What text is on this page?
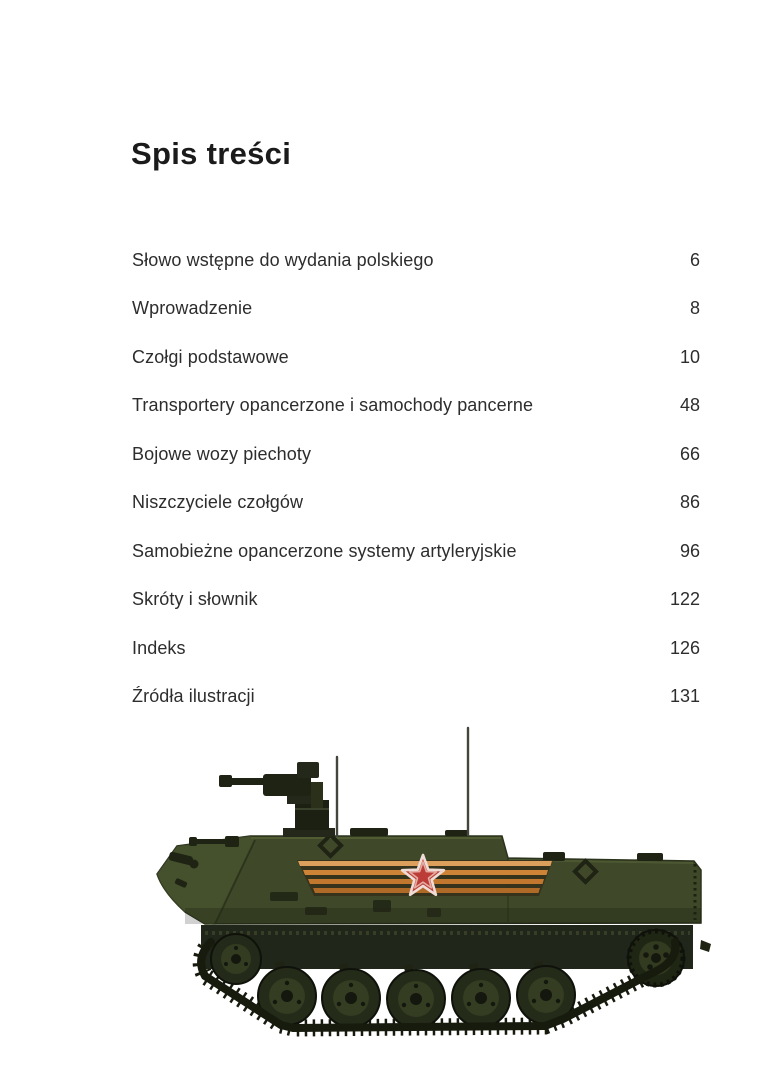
Spis treści
Słowo wstępne do wydania polskiego	6
Wprowadzenie	8
Czołgi podstawowe	10
Transportery opancerzone i samochody pancerne	48
Bojowe wozy piechoty	66
Niszczyciele czołgów	86
Samobieżne opancerzone systemy artyleryjskie	96
Skróty i słownik	122
Indeks	126
Źródła ilustracji	131
